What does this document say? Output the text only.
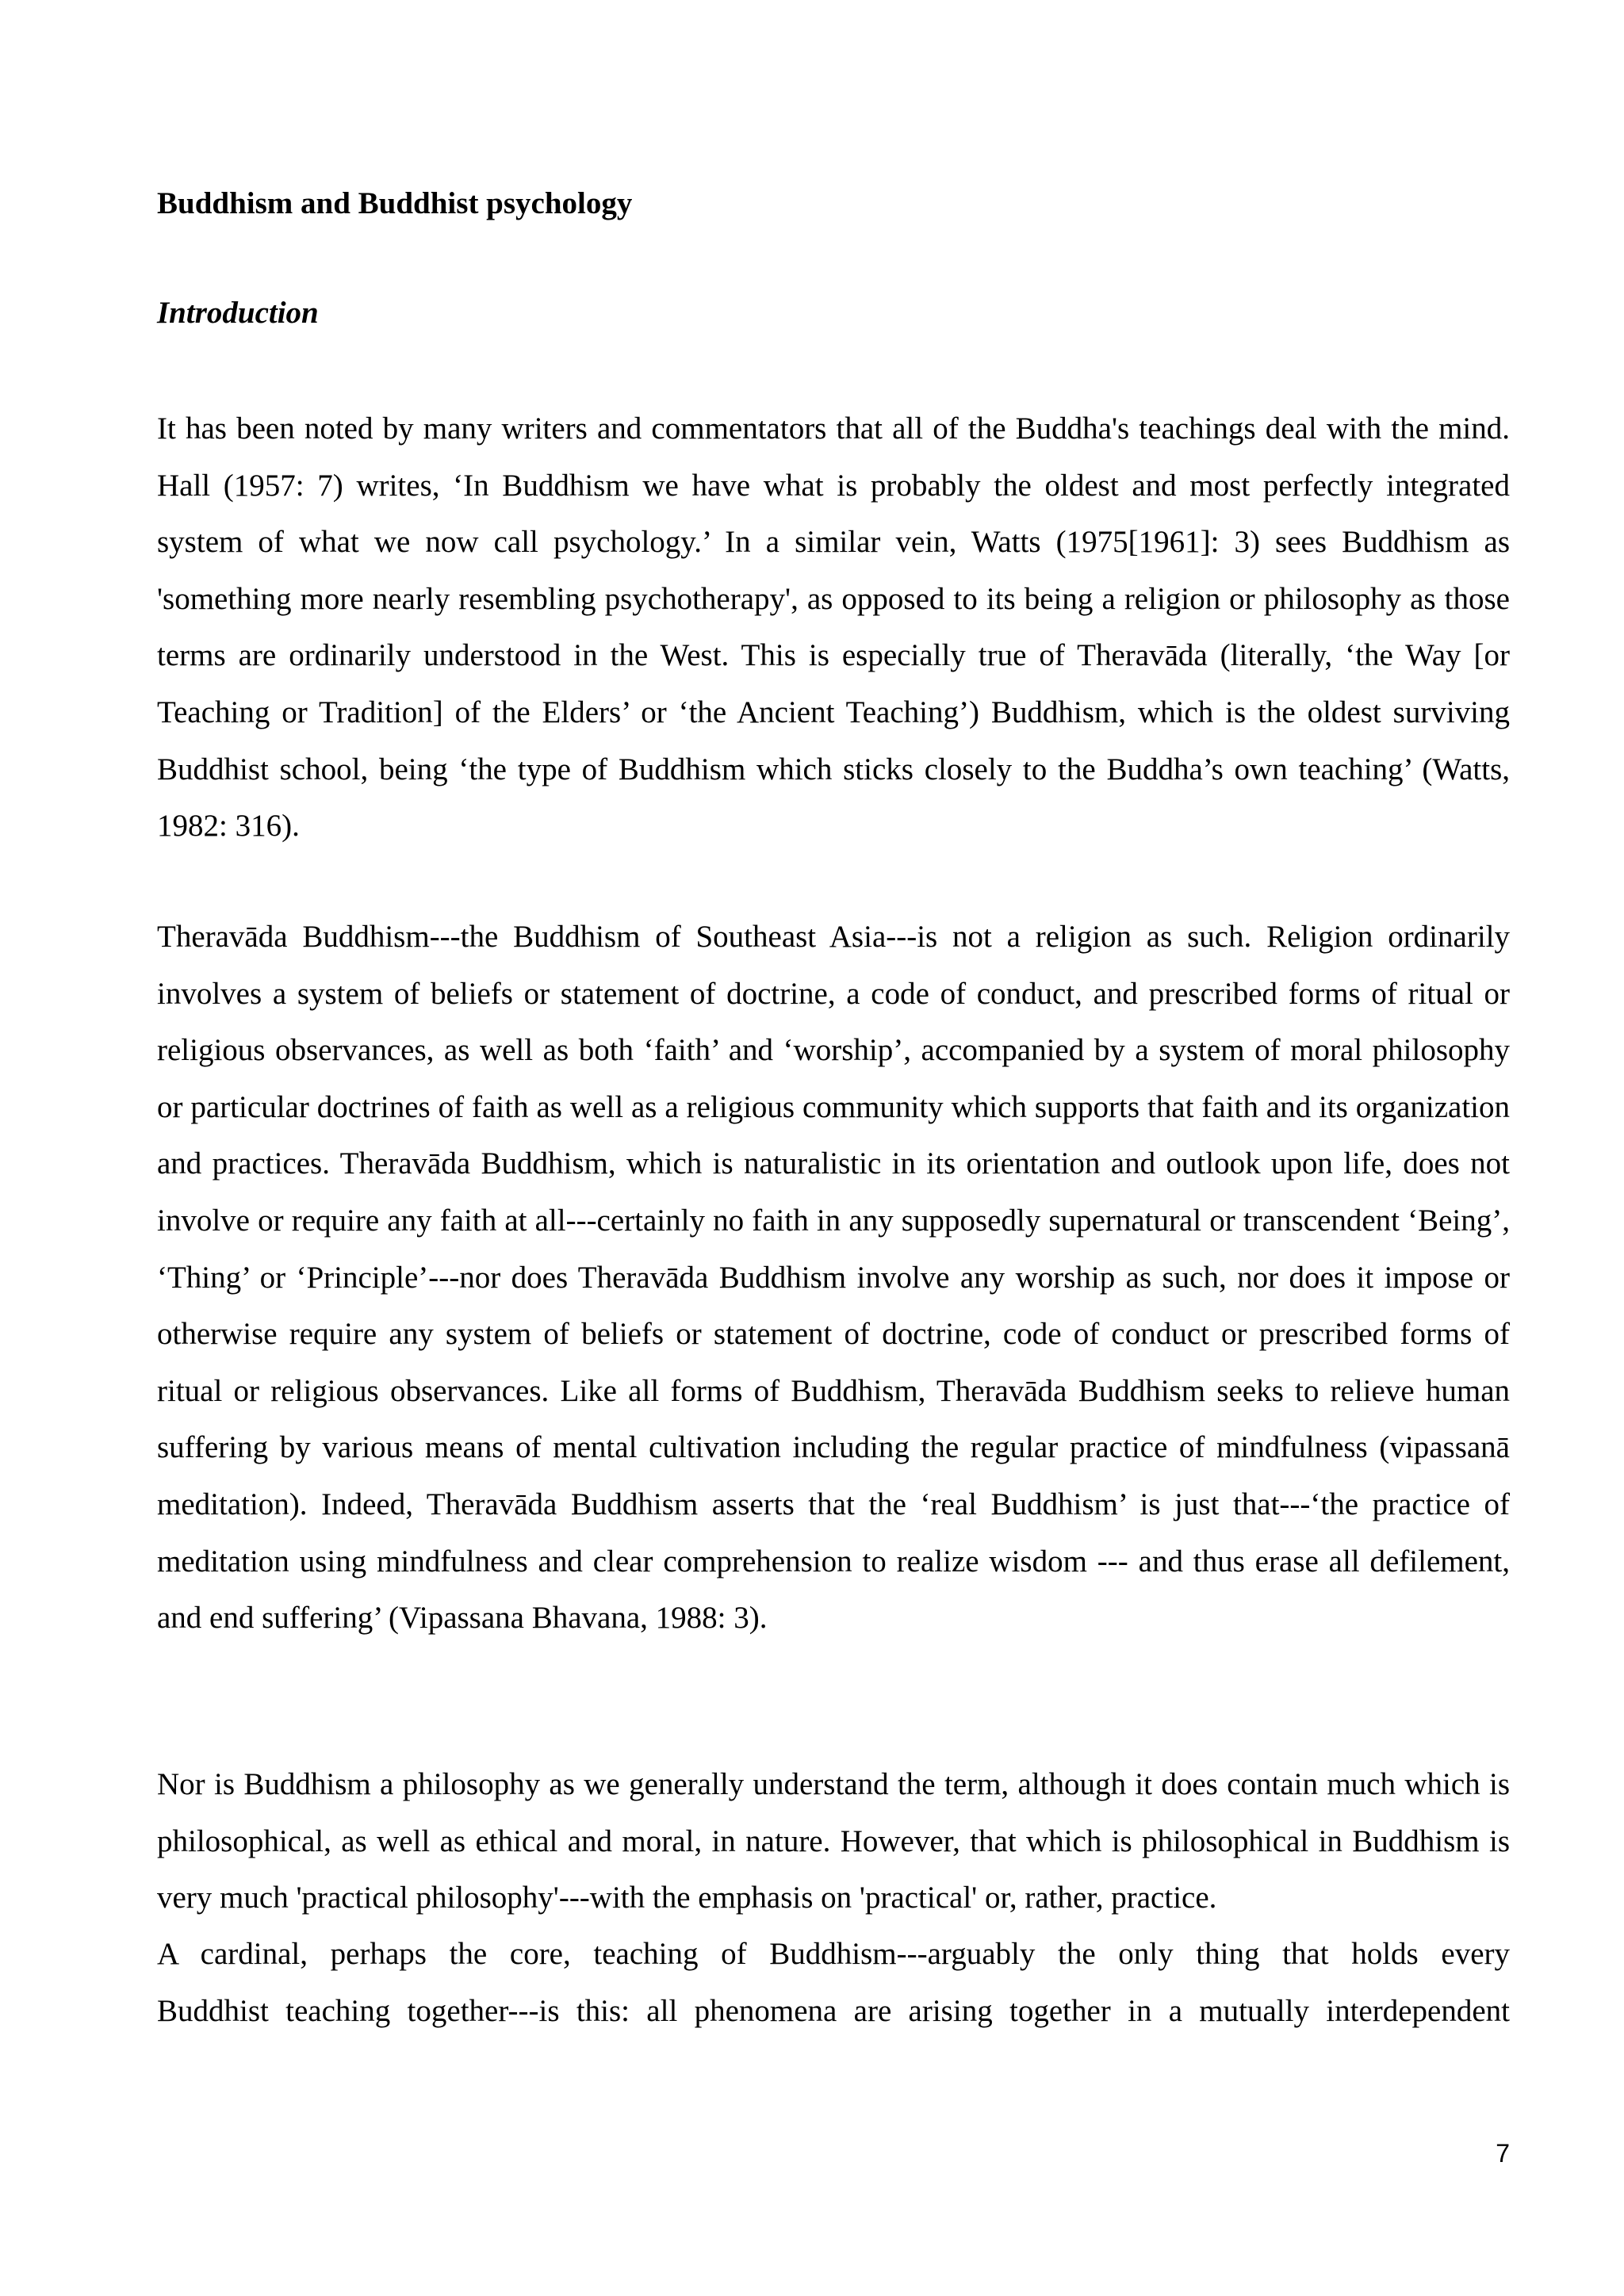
Buddhism and Buddhist psychology
Introduction

It has been noted by many writers and commentators that all of the Buddha's teachings deal with the mind. Hall (1957: 7) writes, ‘In Buddhism we have what is probably the oldest and most perfectly integrated system of what we now call psychology.’ In a similar vein, Watts (1975[1961]: 3) sees Buddhism as 'something more nearly resembling psychotherapy', as opposed to its being a religion or philosophy as those terms are ordinarily understood in the West. This is especially true of Theravāda (literally, ‘the Way [or Teaching or Tradition] of the Elders’ or ‘the Ancient Teaching’) Buddhism, which is the oldest surviving Buddhist school, being ‘the type of Buddhism which sticks closely to the Buddha’s own teaching’ (Watts, 1982: 316).

Theravāda Buddhism---the Buddhism of Southeast Asia---is not a religion as such. Religion ordinarily involves a system of beliefs or statement of doctrine, a code of conduct, and prescribed forms of ritual or religious observances, as well as both ‘faith’ and ‘worship’, accompanied by a system of moral philosophy or particular doctrines of faith as well as a religious community which supports that faith and its organization and practices. Theravāda Buddhism, which is naturalistic in its orientation and outlook upon life, does not involve or require any faith at all---certainly no faith in any supposedly supernatural or transcendent ‘Being’, ‘Thing’ or ‘Principle’---nor does Theravāda Buddhism involve any worship as such, nor does it impose or otherwise require any system of beliefs or statement of doctrine, code of conduct or prescribed forms of ritual or religious observances. Like all forms of Buddhism, Theravāda Buddhism seeks to relieve human suffering by various means of mental cultivation including the regular practice of mindfulness (vipassanā meditation). Indeed, Theravāda Buddhism asserts that the ‘real Buddhism’ is just that---‘the practice of meditation using mindfulness and clear comprehension to realize wisdom --- and thus erase all defilement, and end suffering’ (Vipassana Bhavana, 1988: 3).

Nor is Buddhism a philosophy as we generally understand the term, although it does contain much which is philosophical, as well as ethical and moral, in nature. However, that which is philosophical in Buddhism is very much 'practical philosophy'---with the emphasis on 'practical' or, rather, practice.

A cardinal, perhaps the core, teaching of Buddhism---arguably the only thing that holds every

Buddhist teaching together---is this: all phenomena are arising together in a mutually interdependent

7
